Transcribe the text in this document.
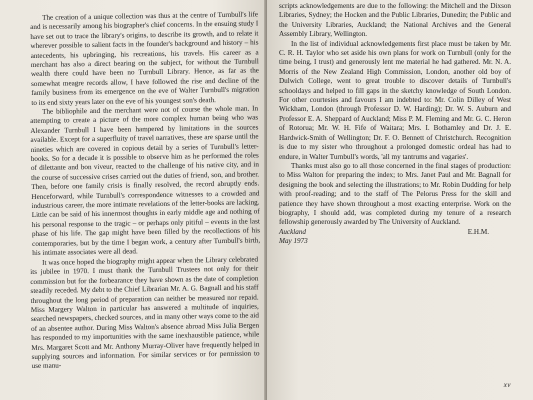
The creation of a unique collection was thus at the centre of Turnbull's life and is necessarily among his biographer's chief concerns. In the ensuing study I have set out to trace the library's origins, to describe its growth, and to relate it wherever possible to salient facts in the founder's background and history – his antecedents, his upbringing, his recreations, his travels. His career as a merchant has also a direct bearing on the subject, for without the Turnbull wealth there could have been no Turnbull Library. Hence, as far as the somewhat meagre records allow, I have followed the rise and decline of the family business from its emergence on the eve of Walter Turnbull's migration to its end sixty years later on the eve of his youngest son's death.

The bibliophile and the merchant were not of course the whole man. In attempting to create a picture of the more complex human being who was Alexander Turnbull I have been hampered by limitations in the sources available. Except for a superfluity of travel narratives, these are sparse until the nineties which are covered in copious detail by a series of Turnbull's letter-books. So for a decade it is possible to observe him as he performed the roles of dilettante and bon viveur, reacted to the challenge of his native city, and in the course of successive crises carried out the duties of friend, son, and brother. Then, before one family crisis is finally resolved, the record abruptly ends. Henceforward, while Turnbull's correspondence witnesses to a crowded and industrious career, the more intimate revelations of the letter-books are lacking. Little can be said of his innermost thoughts in early middle age and nothing of his personal response to the tragic – or perhaps only pitiful – events in the last phase of his life. The gap might have been filled by the recollections of his contemporaries, but by the time I began work, a century after Turnbull's birth, his intimate associates were all dead.

It was once hoped the biography might appear when the Library celebrated its jubilee in 1970. I must thank the Turnbull Trustees not only for their commission but for the forbearance they have shown as the date of completion steadily receded. My debt to the Chief Librarian Mr. A. G. Bagnall and his staff throughout the long period of preparation can neither be measured nor repaid. Miss Margery Walton in particular has answered a multitude of inquiries, searched newspapers, checked sources, and in many other ways come to the aid of an absentee author. During Miss Walton's absence abroad Miss Julia Bergen has responded to my importunities with the same inexhaustible patience, while Mrs. Margaret Scott and Mr. Anthony Murray-Oliver have frequently helped in supplying sources and information. For similar services or for permission to use manu-

scripts acknowledgements are due to the following: the Mitchell and the Dixson Libraries, Sydney; the Hocken and the Public Libraries, Dunedin; the Public and the University Libraries, Auckland; the National Archives and the General Assembly Library, Wellington.

In the list of individual acknowledgements first place must be taken by Mr. C. R. H. Taylor who set aside his own plans for work on Turnbull (only for the time being, I trust) and generously lent me material he had gathered. Mr. N. A. Morris of the New Zealand High Commission, London, another old boy of Dulwich College, went to great trouble to discover details of Turnbull's schooldays and helped to fill gaps in the sketchy knowledge of South London. For other courtesies and favours I am indebted to: Mr. Colin Dilley of West Wickham, London (through Professor D. W. Harding); Dr. W. S. Auburn and Professor E. A. Sheppard of Auckland; Miss P. M. Fleming and Mr. G. C. Heron of Rotorua; Mr. W. H. Fife of Waitara; Mrs. I. Bothamley and Dr. J. E. Hardwick-Smith of Wellington; Dr. F. O. Bennett of Christchurch. Recognition is due to my sister who throughout a prolonged domestic ordeal has had to endure, in Walter Turnbull's words, 'all my tantrums and vagaries'.

Thanks must also go to all those concerned in the final stages of production: to Miss Walton for preparing the index; to Mrs. Janet Paul and Mr. Bagnall for designing the book and selecting the illustrations; to Mr. Robin Dudding for help with proof-reading; and to the staff of The Pelorus Press for the skill and patience they have shown throughout a most exacting enterprise. Work on the biography, I should add, was completed during my tenure of a research fellowship generously awarded by The University of Auckland.

Auckland	E.H.M.

May 1973

xv
